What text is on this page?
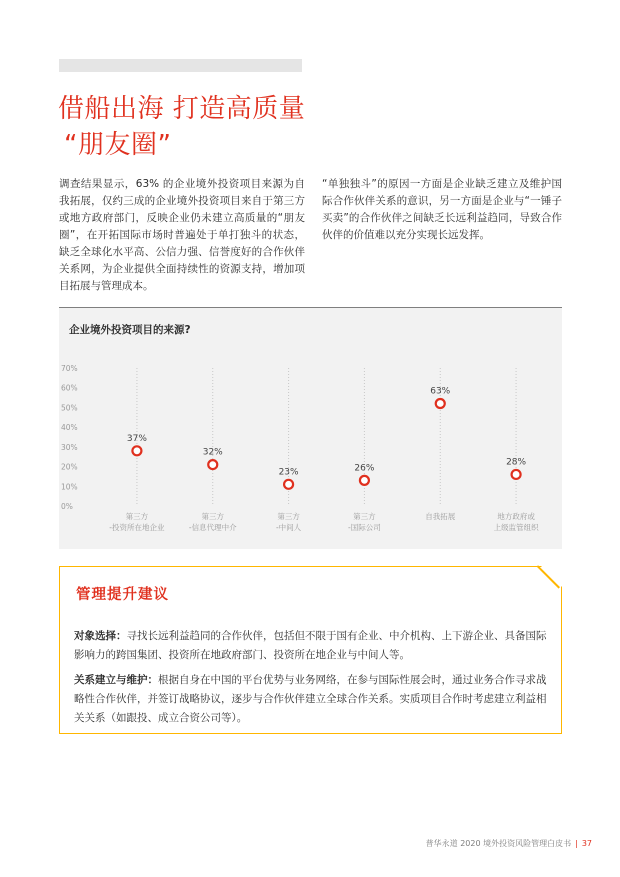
借船出海 打造高质量
“朋友圈”
调查结果显示，63% 的企业境外投资项目来源为自我拓展，仅约三成的企业境外投资项目来自于第三方或地方政府部门，反映企业仍未建立高质量的“朋友圈”，在开拓国际市场时普遍处于单打独斗的状态，缺乏全球化水平高、公信力强、信誉度好的合作伙伴关系网，为企业提供全面持续性的资源支持，增加项目拓展与管理成本。
“单独独斗”的原因一方面是企业缺乏建立及维护国际合作伙伴关系的意识，另一方面是企业与“一锤子买卖”的合作伙伴之间缺乏长远利益趋同，导致合作伙伴的价值难以充分实现长远发挥。
企业境外投资项目的来源?
0%
10%
20%
30%
40%
50%
60%
70%
37%
第三方
-投资所在地企业
32%
第三方
-信息代理中介
23%
第三方
-中间人
26%
第三方
-国际公司
63%
自我拓展
28%
地方政府或
上级监管组织
管理提升建议
对象选择：寻找长远利益趋同的合作伙伴，包括但不限于国有企业、中介机构、上下游企业、具备国际影响力的跨国集团、投资所在地政府部门、投资所在地企业与中间人等。
关系建立与维护：根据自身在中国的平台优势与业务网络，在参与国际性展会时，通过业务合作寻求战略性合作伙伴，并签订战略协议，逐步与合作伙伴建立全球合作关系。实质项目合作时考虑建立利益相关关系（如跟投、成立合资公司等）。
普华永道 2020 境外投资风险管理白皮书 | 37
